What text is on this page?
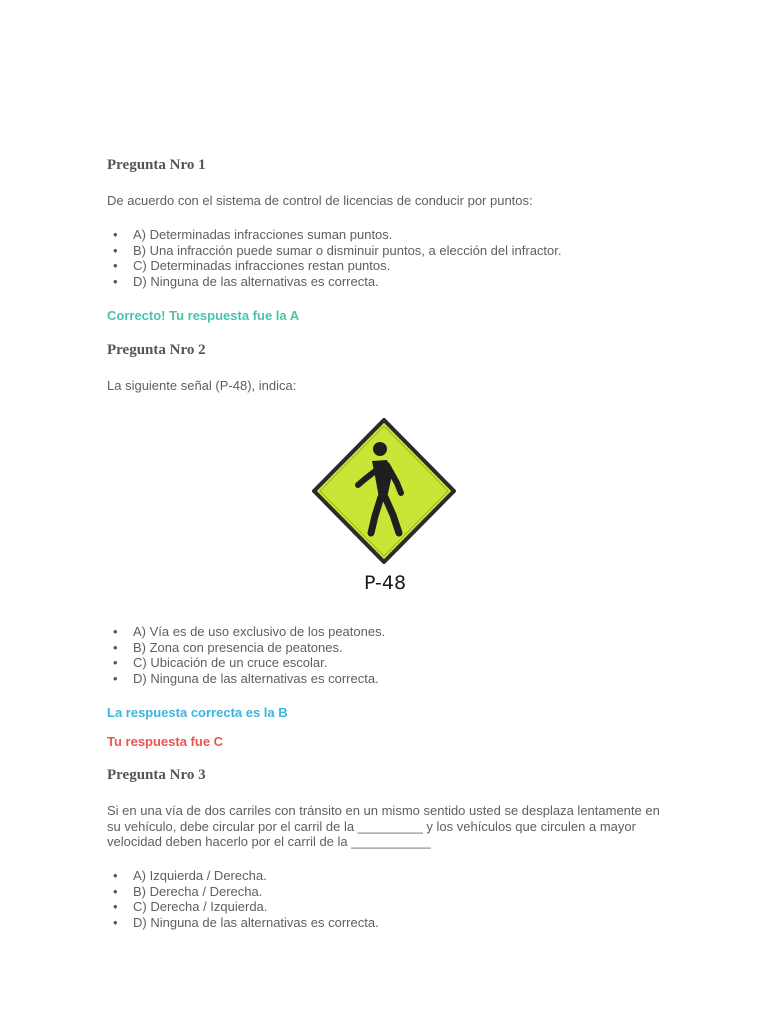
Pregunta Nro 1

De acuerdo con el sistema de control de licencias de conducir por puntos:

• A) Determinadas infracciones suman puntos.
• B) Una infracción puede sumar o disminuir puntos, a elección del infractor.
• C) Determinadas infracciones restan puntos.
• D) Ninguna de las alternativas es correcta.

Correcto! Tu respuesta fue la A

Pregunta Nro 2

La siguiente señal (P-48), indica:

P-48
• A) Vía es de uso exclusivo de los peatones.
• B) Zona con presencia de peatones.
• C) Ubicación de un cruce escolar.
• D) Ninguna de las alternativas es correcta.

La respuesta correcta es la B

Tu respuesta fue C

Pregunta Nro 3

Si en una vía de dos carriles con tránsito en un mismo sentido usted se desplaza lentamente en su vehículo, debe circular por el carril de la _________ y los vehículos que circulen a mayor velocidad deben hacerlo por el carril de la ___________

• A) Izquierda / Derecha.
• B) Derecha / Derecha.
• C) Derecha / Izquierda.
• D) Ninguna de las alternativas es correcta.
